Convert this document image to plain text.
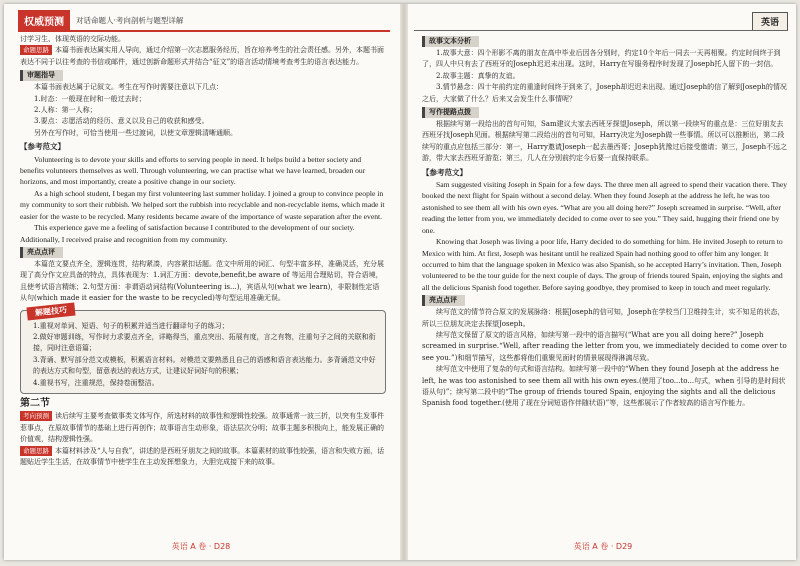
权威预测	对话命题人·考向剖析与题型详解

讨学习生、体现英语的交际功能。

命题思路 本篇书面表达属实用人导向，通过介绍第一次志愿服务经历，旨在培养考生的社会责任感。另外，本题书面表达不同于以往考查的书信或邮件，通过创新命题形式并结合“征文”的语言活动情境考查考生的语言表达能力。

审题指导

本篇书面表达属于记叙文。考生在写作时需要注意以下几点：

1.时态：一般现在时和一般过去时；

2.人称：第一人称；

3.要点：志愿活动的经历、意义以及自己的收获和感受。

另外在写作时，可恰当使用一些过渡词，以使文章逻辑清晰通顺。

【参考范文】

Volunteering is to devote your skills and efforts to serving people in need. It helps build a better society and benefits volunteers themselves as well. Through volunteering, we can practise what we have learned, broaden our horizons, and most importantly, create a positive change in our society.

As a high school student, I began my first volunteering last summer holiday. I joined a group to convince people in my community to sort their rubbish. We helped sort the rubbish into recyclable and non-recyclable items, which made it easier for the waste to be recycled. Many residents became aware of the importance of waste separation after the event.

This experience gave me a feeling of satisfaction because I contributed to the development of our society. Additionally, I received praise and recognition from my community.

亮点点评

本篇范文要点齐全，逻辑连贯，结构紧凑，内容紧扣话题。范文中所用的词汇、句型丰富多样，准确灵活，充分展现了高分作文应具备的特点，具体表现为：1.词汇方面：devote,benefit,be aware of 等运用合理贴切，符合语境，且使考试语言精练；2.句型方面：非谓语动词结构(Volunteering is...)，宾语从句(what we learn)，非限制性定语从句(which made it easier for the waste to be recycled)等句型运用准确无误。

解题技巧

1.重视对单词、短语、句子的积累并适当进行翻译句子的练习；

2.做好审题训练，写作时力求要点齐全，详略得当，重点突出、拓展有度，言之有物，注重句子之间的关联和衔接，同时注意语篇；

3.背诵、默写部分范文或模板，积累语言材料。对模范文要熟悉且自己的语感和语言表达能力。多背诵范文中好的表达方式和句型，留意表达的表达方式，让建议好词好句的积累；

4.重视书写，注重规范，保持卷面整洁。

第二节

考向预测 读后续写主要考查做事类文体写作，所选材料的故事性和逻辑性较强。故事通常一波三折，以突有生发事件惹事点，在原故事情节的基础上进行再创作；故事语言生动形象，语法层次分明；故事主题多积极向上，能发展正确的价值观，结构逻辑性强。

命题思路 本篇材料涉及“人与自我”，讲述的是西班牙朋友之间的故事。本篇素材的故事性较强，语言和失败方面，话题贴近学生生活，在故事情节中使学生在主动发挥想象力，大胆完成接下来的故事。

英语 A 卷 · D28
英语
故事文本分析

1.故事大意：四个形影不离的朋友在高中毕业后因各分别时，约定10个年后一同去一天再相聚。约定时间终于到了，四人中只有去了西班牙的Joseph迟迟未出现。这时，Harry在写服务程序时发现了Joseph托人留下的一封信。

2.故事主题：真挚的友谊。

3.情节悬念：四十年前约定的重逢时间终于到来了，Joseph却迟迟未出现。通过Joseph的信了解到Joseph的情况之后，大家做了什么？后来又会发生什么事情呢？

写作提路点拨

根据续写第一段给出的首句可知，Sam建议大家去西班牙探望Joseph，所以第一段续写的重点是：三位好朋友去西班牙找Joseph见面。根据续写第二段给出的首句可知，Harry决定为Joseph做一些事情。所以可以推断出，第二段续写的重点应包括三部分：第一，Harry邀请Joseph一起去墨西哥；Joseph犹豫过后接受邀请；第三，Joseph不远之游，带大家去西班牙游览；第三，几人在分别前约定今后要一直保持联系。

【参考范文】

Sam suggested visiting Joseph in Spain for a few days. The three men all agreed to spend their vacation there. They booked the next flight for Spain without a second delay. When they found Joseph at the address he left, he was too astonished to see them all with his own eyes. “What are you all doing here?” Joseph screamed in surprise. “Well, after reading the letter from you, we immediately decided to come over to see you.” They said, hugging their friend one by one.

Knowing that Joseph was living a poor life, Harry decided to do something for him. He invited Joseph to return to Mexico with him. At first, Joseph was hesitant until he realized Spain had nothing good to offer him any longer. It occurred to him that the language spoken in Mexico was also Spanish, so he accepted Harry’s invitation. Then, Joseph volunteered to be the tour guide for the next couple of days. The group of friends toured Spain, enjoying the sights and all the delicious Spanish food together. Before saying goodbye, they promised to keep in touch and meet regularly.

亮点点评

续写范文的情节符合原文的发展脉络：根据Joseph的信可知，Joseph在学校当门卫维持生计，实不知足的状态，所以三位朋友决定去探望Joseph。

续写范文保留了原文的语言风格，如续写第一段中的语言描写(“What are you all doing here?” Joseph screamed in surprise.“Well, after reading the letter from you, we immediately decided to come over to see you.”)和细节描写，这些都将他们重聚见面时的情景展现得淋漓尽致。

续写范文中使用了复杂的句式和语言结构。如续写第一段中的“When they found Joseph at the address he left, he was too astonished to see them all with his own eyes.(使用了too...to...句式，when 引导的是时间状语从句)”；续写第二段中的“The group of friends toured Spain, enjoying the sights and all the delicious Spanish food together.(使用了现在分词短语作伴随状语)”等，这些都展示了作者较高的语言写作能力。

英语 A 卷 · D29
